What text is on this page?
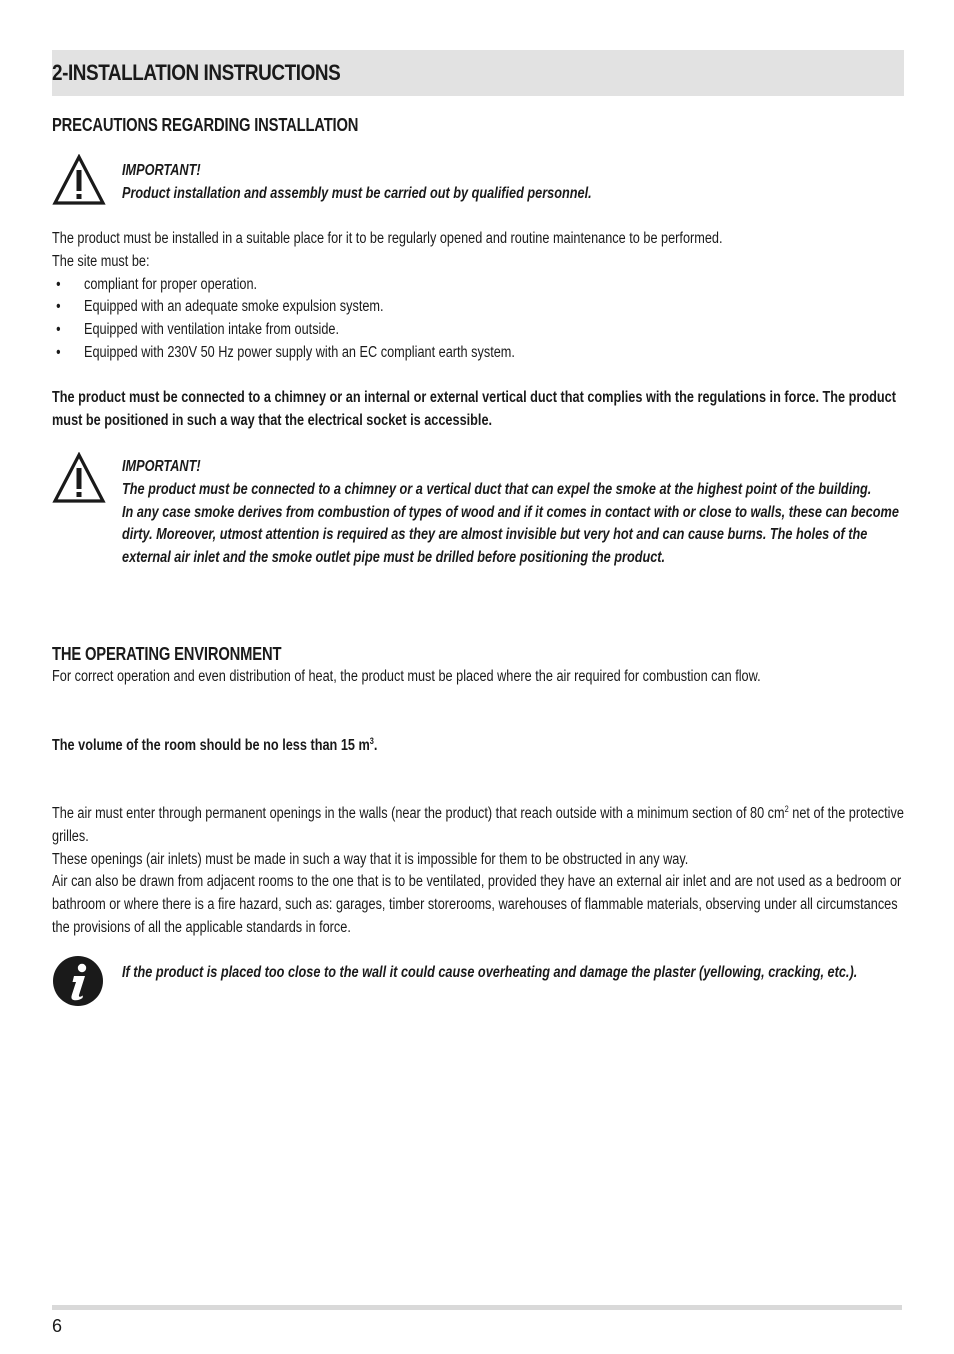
2-INSTALLATION INSTRUCTIONS
PRECAUTIONS REGARDING INSTALLATION

IMPORTANT!

Product installation and assembly must be carried out by qualified personnel.

The product must be installed in a suitable place for it to be regularly opened and routine maintenance to be performed.

The site must be:

• compliant for proper operation.
• Equipped with an adequate smoke expulsion system.
• Equipped with ventilation intake from outside.
• Equipped with 230V 50 Hz power supply with an EC compliant earth system.

The product must be connected to a chimney or an internal or external vertical duct that complies with the regulations in force. The product must be positioned in such a way that the electrical socket is accessible.

IMPORTANT!

The product must be connected to a chimney or a vertical duct that can expel the smoke at the highest point of the building.

In any case smoke derives from combustion of types of wood and if it comes in contact with or close to walls, these can become dirty. Moreover, utmost attention is required as they are almost invisible but very hot and can cause burns. The holes of the external air inlet and the smoke outlet pipe must be drilled before positioning the product.

THE OPERATING ENVIRONMENT

For correct operation and even distribution of heat, the product must be placed where the air required for combustion can flow.

The volume of the room should be no less than 15 $m^3$.

The air must enter through permanent openings in the walls (near the product) that reach outside with a minimum section of 80 $cm^2$ net of the protective grilles.

These openings (air inlets) must be made in such a way that it is impossible for them to be obstructed in any way.

Air can also be drawn from adjacent rooms to the one that is to be ventilated, provided they have an external air inlet and are not used as a bedroom or bathroom or where there is a fire hazard, such as: garages, timber storerooms, warehouses of flammable materials, observing under all circumstances the provisions of all the applicable standards in force.

If the product is placed too close to the wall it could cause overheating and damage the plaster (yellowing, cracking, etc.).

6
